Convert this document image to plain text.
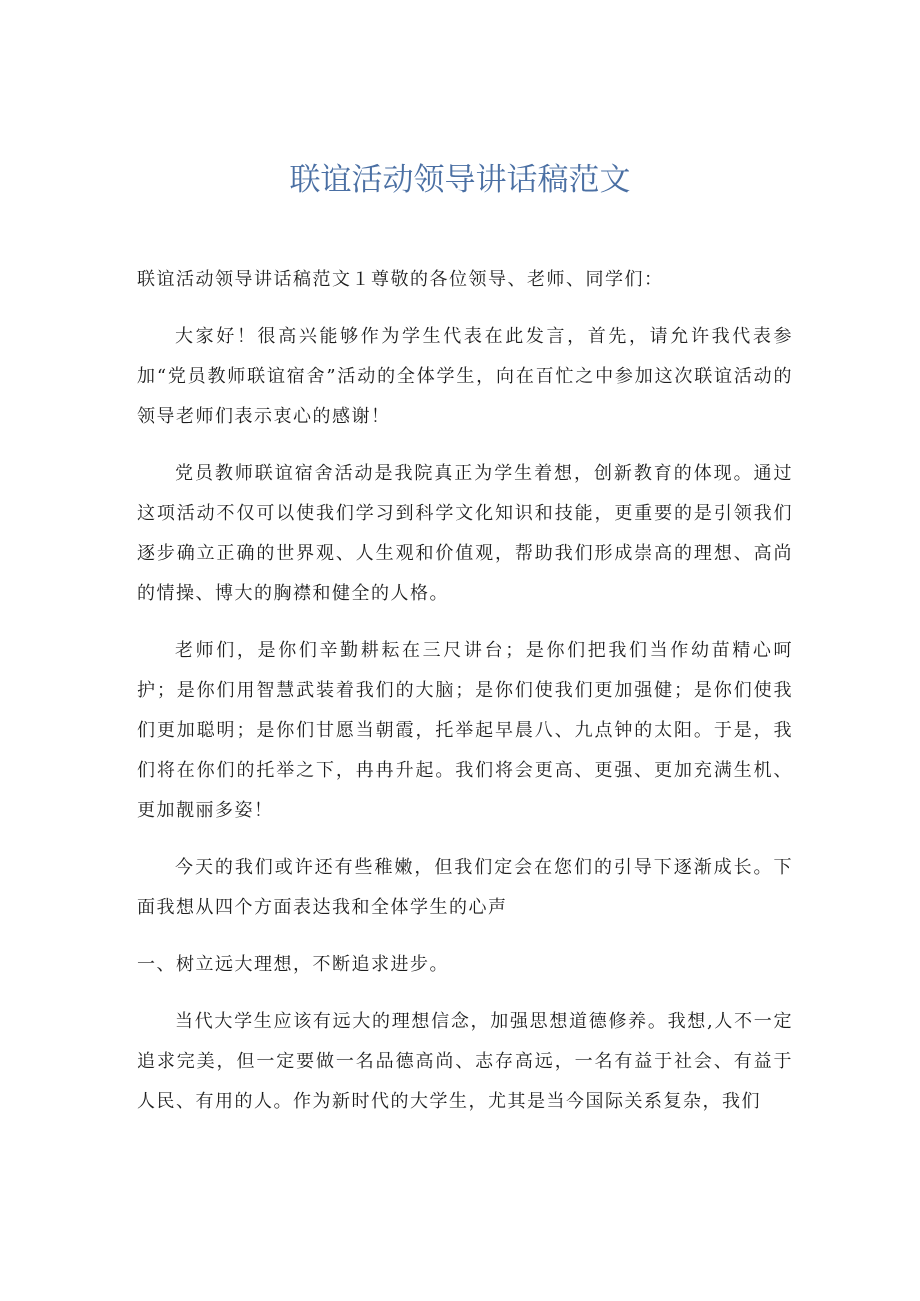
联谊活动领导讲话稿范文

联谊活动领导讲话稿范文１尊敬的各位领导、老师、同学们：

大家好！很高兴能够作为学生代表在此发言，首先，请允许我代表参加“党员教师联谊宿舍”活动的全体学生，向在百忙之中参加这次联谊活动的领导老师们表示衷心的感谢！

党员教师联谊宿舍活动是我院真正为学生着想，创新教育的体现。通过这项活动不仅可以使我们学习到科学文化知识和技能，更重要的是引领我们逐步确立正确的世界观、人生观和价值观，帮助我们形成崇高的理想、高尚的情操、博大的胸襟和健全的人格。

老师们，是你们辛勤耕耘在三尺讲台；是你们把我们当作幼苗精心呵护；是你们用智慧武装着我们的大脑；是你们使我们更加强健；是你们使我们更加聪明；是你们甘愿当朝霞，托举起早晨八、九点钟的太阳。于是，我们将在你们的托举之下，冉冉升起。我们将会更高、更强、更加充满生机、更加靓丽多姿！

今天的我们或许还有些稚嫩，但我们定会在您们的引导下逐渐成长。下面我想从四个方面表达我和全体学生的心声

一、树立远大理想，不断追求进步。

当代大学生应该有远大的理想信念，加强思想道德修养。我想,人不一定追求完美，但一定要做一名品德高尚、志存高远，一名有益于社会、有益于人民、有用的人。作为新时代的大学生，尤其是当今国际关系复杂，我们
